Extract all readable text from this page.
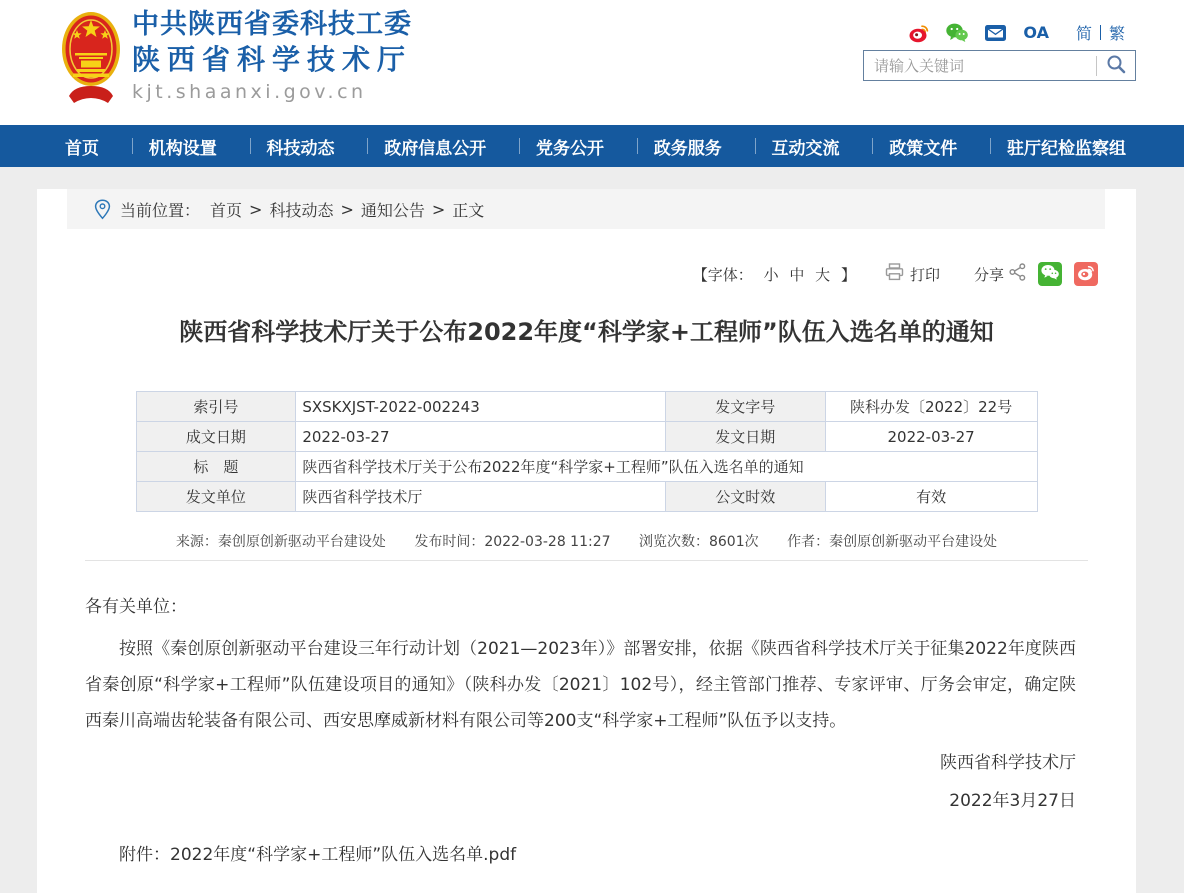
中共陕西省委科技工委
陕西省科学技术厅
kjt.shaanxi.gov.cn
OA 简 繁
请输入关键词
首页	机构设置	科技动态	政府信息公开	党务公开	政务服务	互动交流	政策文件	驻厅纪检监察组
当前位置： 首页 > 科技动态 > 通知公告 > 正文
【字体： 小 中 大 】	打印 分享
陕西省科学技术厅关于公布2022年度“科学家+工程师”队伍入选名单的通知
索引号	SXSKXJST-2022-002243	发文字号	陕科办发〔2022〕22号
成文日期	2022-03-27	发文日期	2022-03-27
标　题	陕西省科学技术厅关于公布2022年度“科学家+工程师”队伍入选名单的通知		
发文单位	陕西省科学技术厅	公文时效	有效
来源：秦创原创新驱动平台建设处 发布时间：2022-03-28 11:27 浏览次数：8601次 作者：秦创原创新驱动平台建设处

各有关单位：

按照《秦创原创新驱动平台建设三年行动计划（2021—2023年）》部署安排，依据《陕西省科学技术厅关于征集2022年度陕西省秦创原“科学家+工程师”队伍建设项目的通知》（陕科办发〔2021〕102号），经主管部门推荐、专家评审、厅务会审定，确定陕西秦川高端齿轮装备有限公司、西安思摩威新材料有限公司等200支“科学家+工程师”队伍予以支持。

陕西省科学技术厅

2022年3月27日

附件：2022年度“科学家+工程师”队伍入选名单.pdf
